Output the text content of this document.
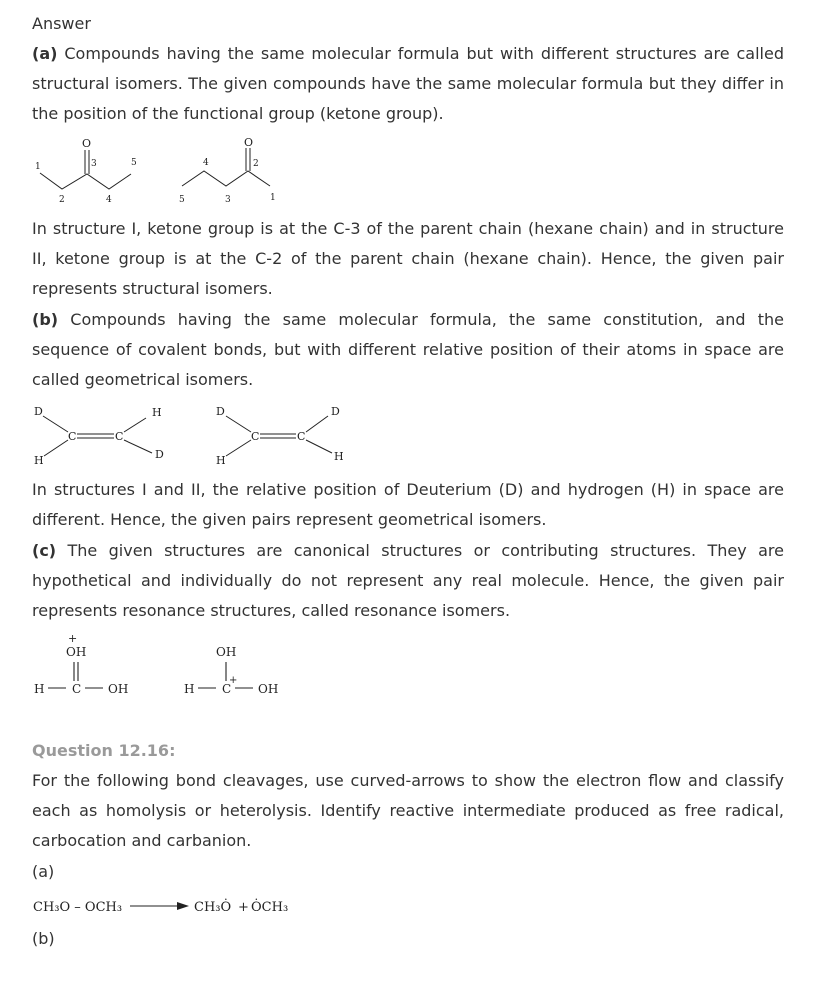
Answer

(a) Compounds having the same molecular formula but with different structures are called structural isomers. The given compounds have the same molecular formula but they differ in the position of the functional group (ketone group).

In structure I, ketone group is at the C-3 of the parent chain (hexane chain) and in structure II, ketone group is at the C-2 of the parent chain (hexane chain). Hence, the given pair represents structural isomers.

(b) Compounds having the same molecular formula, the same constitution, and the sequence of covalent bonds, but with different relative position of their atoms in space are called geometrical isomers.

In structures I and II, the relative position of Deuterium (D) and hydrogen (H) in space are different. Hence, the given pairs represent geometrical isomers.

(c) The given structures are canonical structures or contributing structures. They are hypothetical and individually do not represent any real molecule. Hence, the given pair represents resonance structures, called resonance isomers.

Question 12.16:

For the following bond cleavages, use curved-arrows to show the electron flow and classify each as homolysis or heterolysis. Identify reactive intermediate produced as free radical, carbocation and carbanion.

(a)

(b)

O
1
2
3
4
5
O
1
2
3
4
5
D
H
C	C
H
D
D
H
C	C
D
H
+
OH
H C OH
OH
H C
+
OH
CH₃O – OCH₃	CH₃Ȯ + ȮCH₃
